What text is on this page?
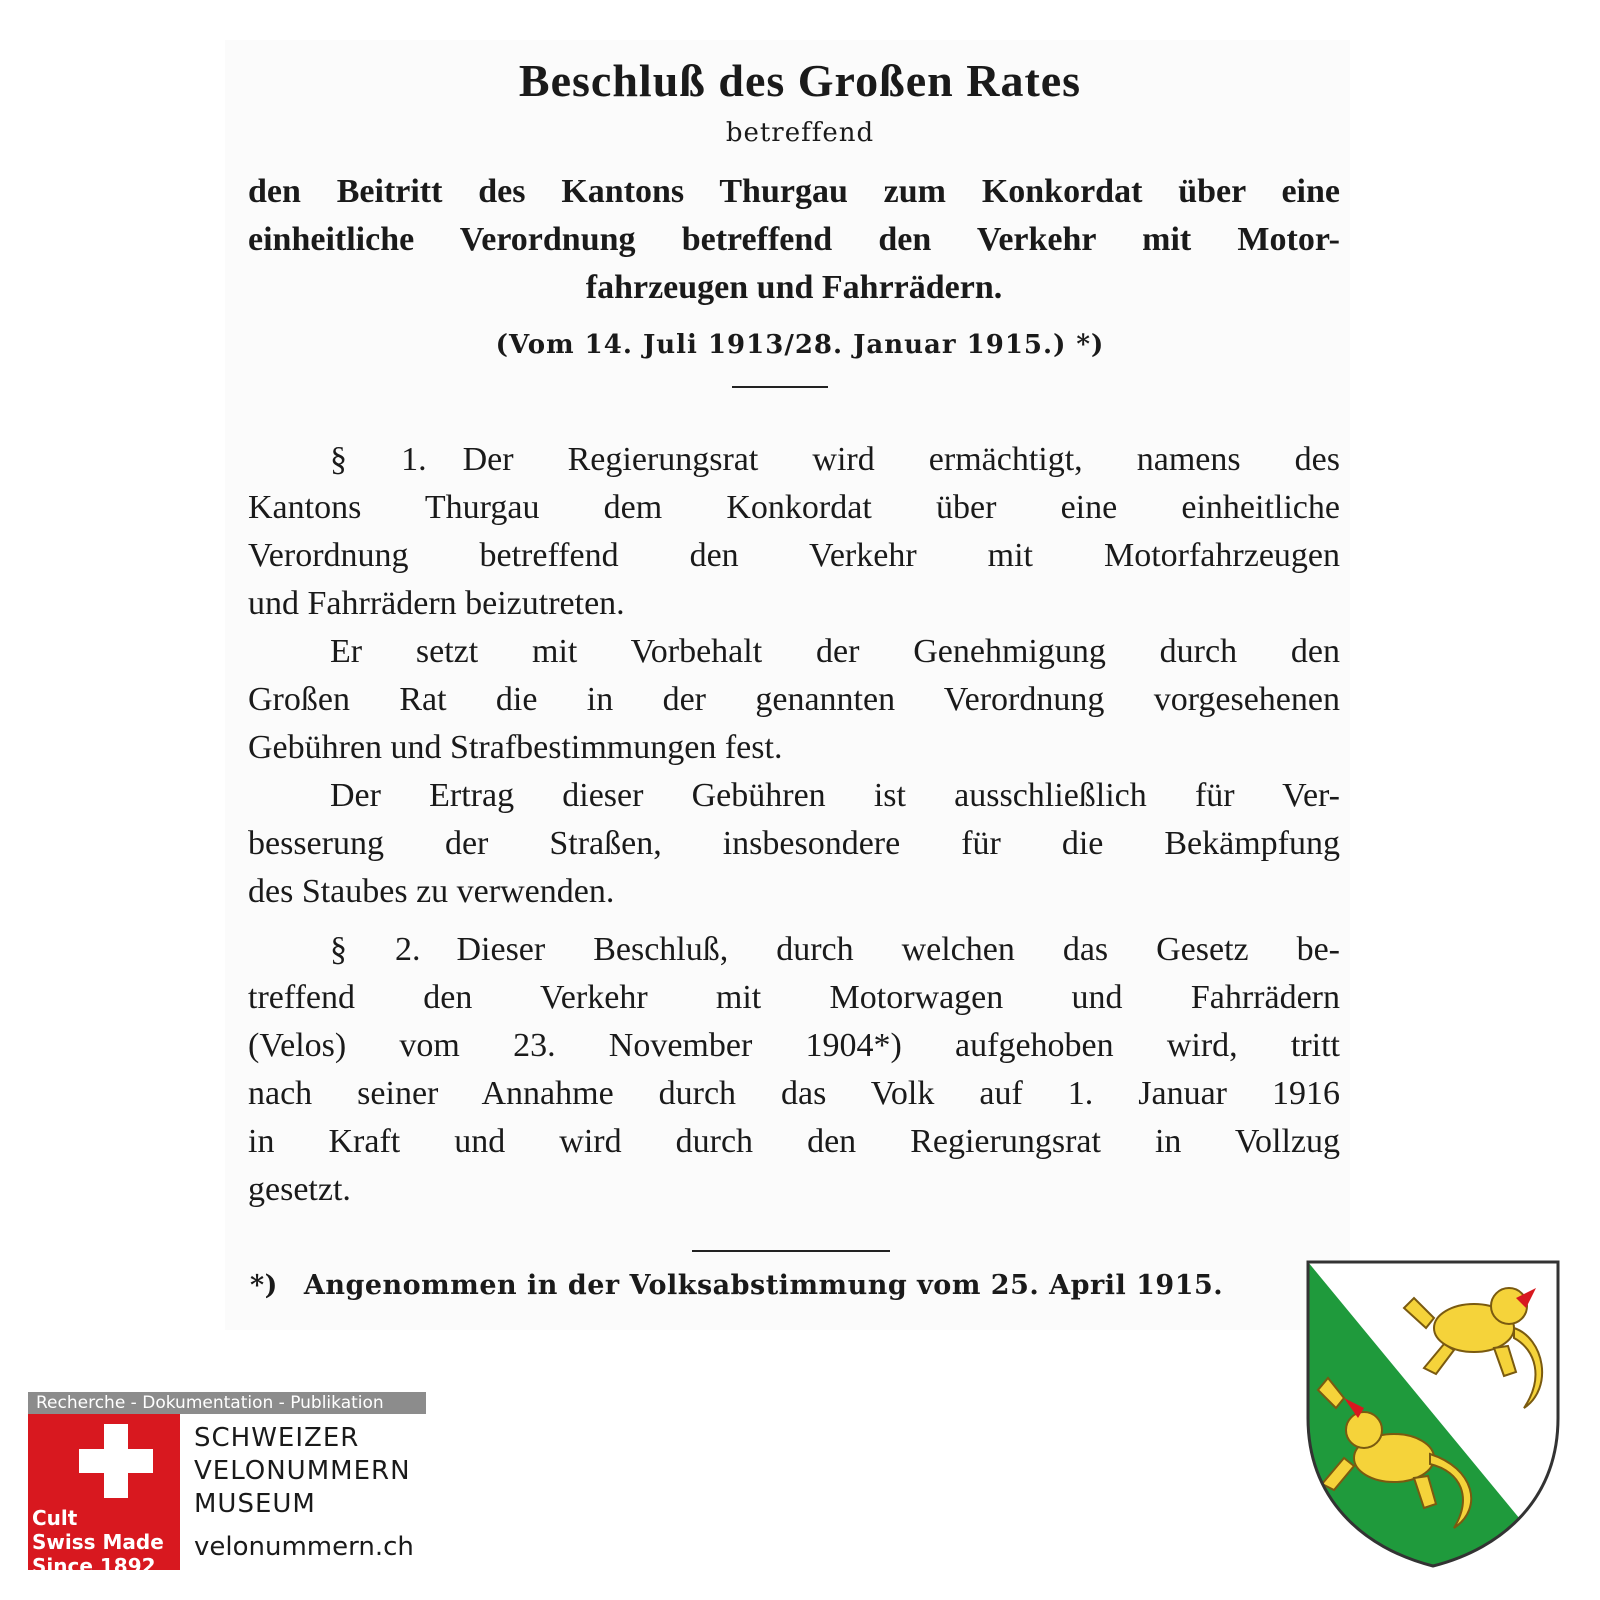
Beschluß des Großen Rates
betreffend
den Beitritt des Kantons Thurgau zum Konkordat über eine
einheitliche Verordnung betreffend den Verkehr mit Motor-
fahrzeugen und Fahrrädern.
(Vom 14. Juli 1913/28. Januar 1915.) *)
§ 1. Der Regierungsrat wird ermächtigt, namens des
Kantons Thurgau dem Konkordat über eine einheitliche
Verordnung betreffend den Verkehr mit Motorfahrzeugen
und Fahrrädern beizutreten.
Er setzt mit Vorbehalt der Genehmigung durch den
Großen Rat die in der genannten Verordnung vorgesehenen
Gebühren und Strafbestimmungen fest.
Der Ertrag dieser Gebühren ist ausschließlich für Ver-
besserung der Straßen, insbesondere für die Bekämpfung
des Staubes zu verwenden.
§ 2. Dieser Beschluß, durch welchen das Gesetz be-
treffend den Verkehr mit Motorwagen und Fahrrädern
(Velos) vom 23. November 1904*) aufgehoben wird, tritt
nach seiner Annahme durch das Volk auf 1. Januar 1916
in Kraft und wird durch den Regierungsrat in Vollzug
gesetzt.
*) Angenommen in der Volksabstimmung vom 25. April 1915.
Recherche - Dokumentation - Publikation
Cult
Swiss Made
Since 1892
SCHWEIZER
VELONUMMERN
MUSEUM
velonummern.ch
